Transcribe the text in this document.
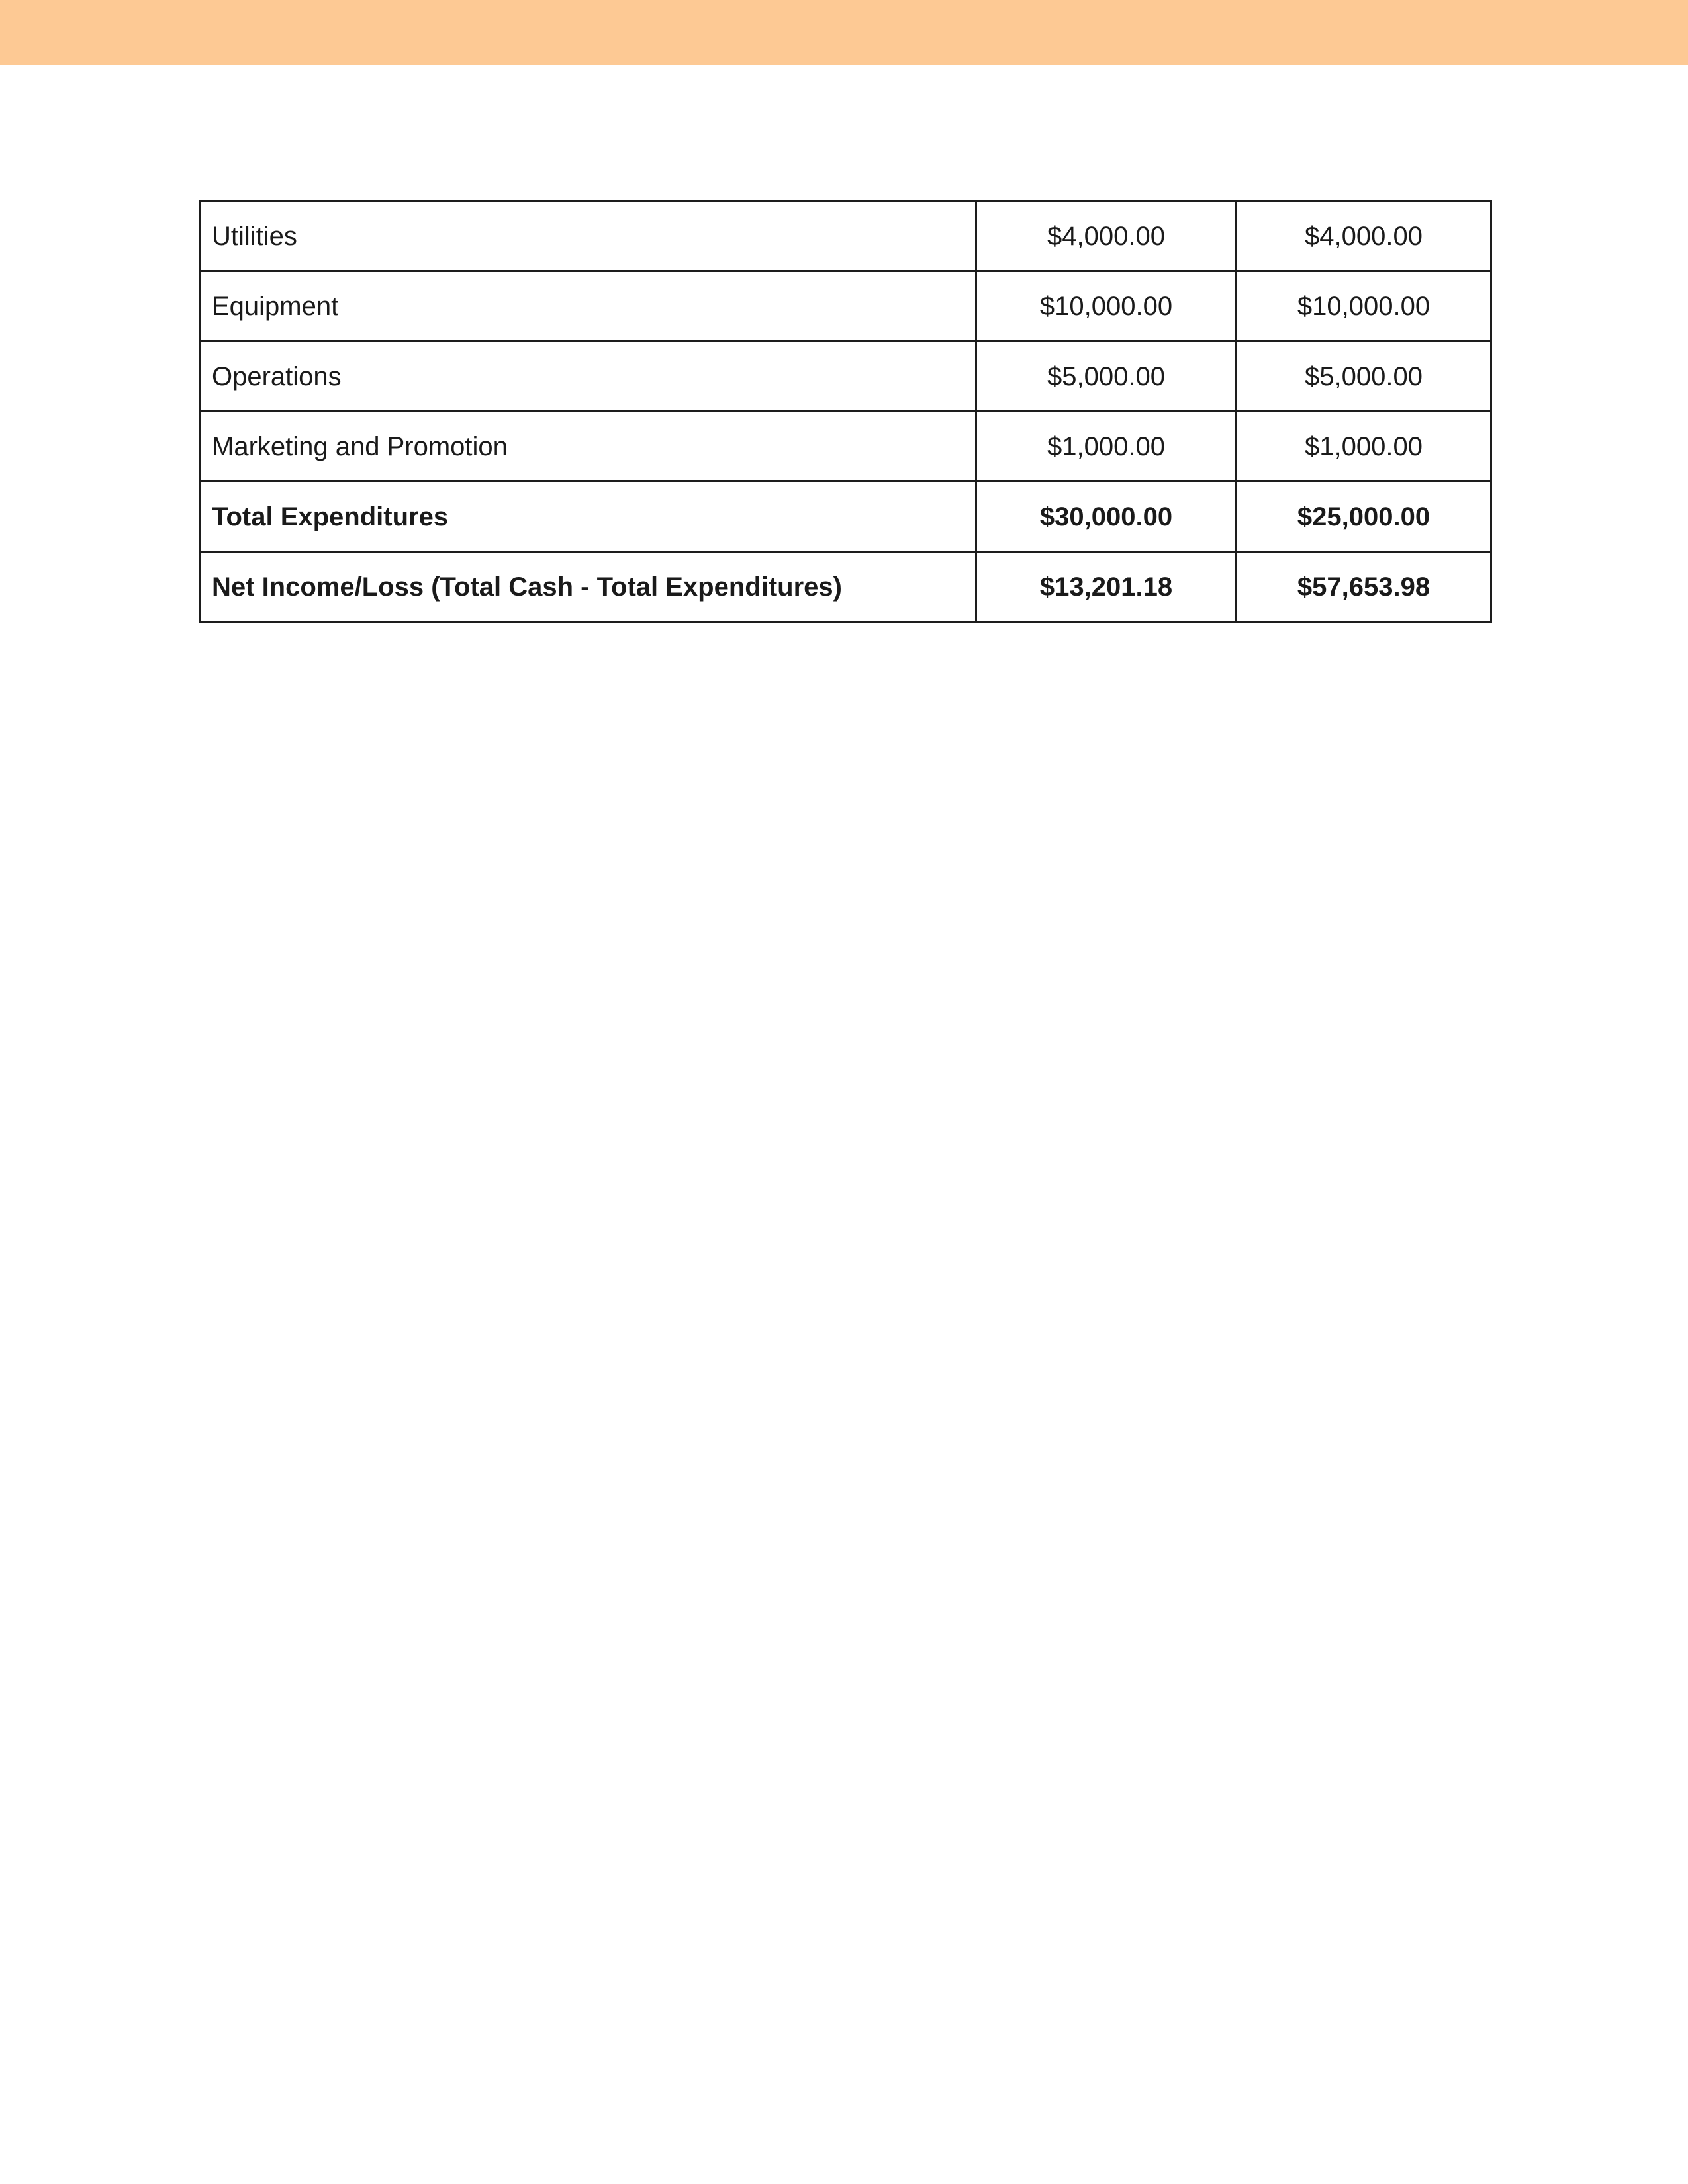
Utilities	$4,000.00	$4,000.00
Equipment	$10,000.00	$10,000.00
Operations	$5,000.00	$5,000.00
Marketing and Promotion	$1,000.00	$1,000.00
Total Expenditures	$30,000.00	$25,000.00
Net Income/Loss (Total Cash - Total Expenditures)	$13,201.18	$57,653.98
